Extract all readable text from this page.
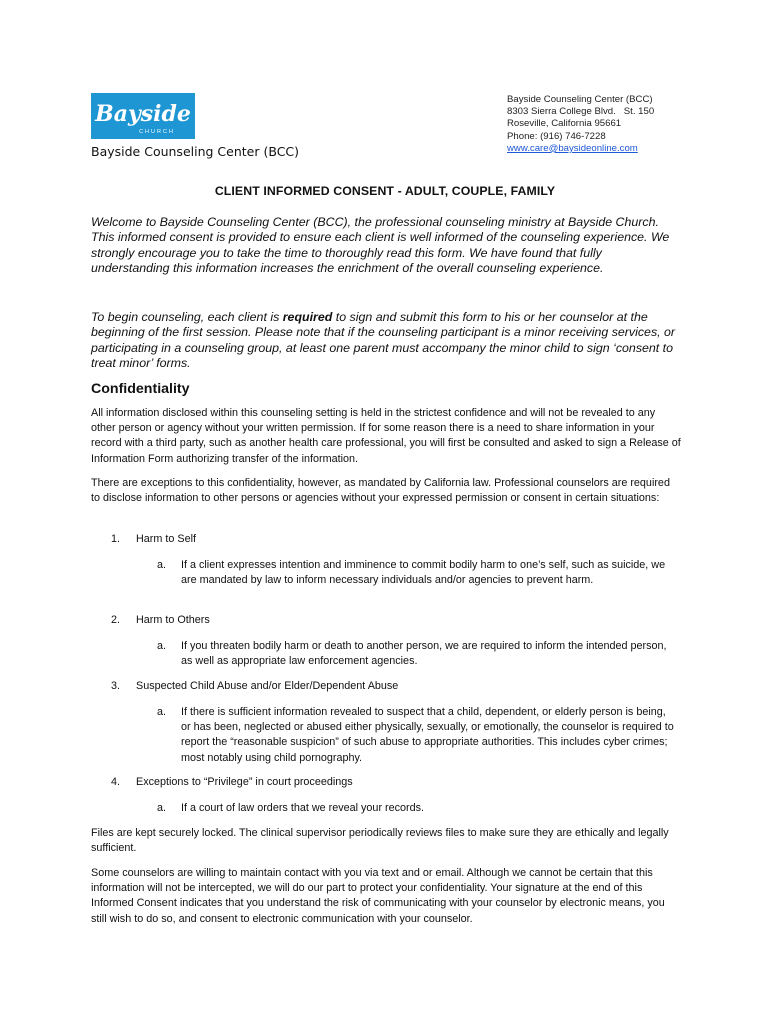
Bayside
CHURCH
Bayside Counseling Center (BCC)
Bayside Counseling Center (BCC)
8303 Sierra College Blvd.   St. 150
Roseville, California 95661
Phone: (916) 746-7228
www.care@baysideonline.com
CLIENT INFORMED CONSENT - ADULT, COUPLE, FAMILY

Welcome to Bayside Counseling Center (BCC), the professional counseling ministry at Bayside Church. This informed consent is provided to ensure each client is well informed of the counseling experience. We strongly encourage you to take the time to thoroughly read this form. We have found that fully understanding this information increases the enrichment of the overall counseling experience.

To begin counseling, each client is required to sign and submit this form to his or her counselor at the beginning of the first session. Please note that if the counseling participant is a minor receiving services, or participating in a counseling group, at least one parent must accompany the minor child to sign ‘consent to treat minor’ forms.

Confidentiality

All information disclosed within this counseling setting is held in the strictest confidence and will not be revealed to any other person or agency without your written permission. If for some reason there is a need to share information in your record with a third party, such as another health care professional, you will first be consulted and asked to sign a Release of Information Form authorizing transfer of the information.

There are exceptions to this confidentiality, however, as mandated by California law. Professional counselors are required to disclose information to other persons or agencies without your expressed permission or consent in certain situations:

1. Harm to Self
a. If a client expresses intention and imminence to commit bodily harm to one’s self, such as suicide, we are mandated by law to inform necessary individuals and/or agencies to prevent harm.
2. Harm to Others
a. If you threaten bodily harm or death to another person, we are required to inform the intended person, as well as appropriate law enforcement agencies.
3. Suspected Child Abuse and/or Elder/Dependent Abuse
a. If there is sufficient information revealed to suspect that a child, dependent, or elderly person is being, or has been, neglected or abused either physically, sexually, or emotionally, the counselor is required to report the “reasonable suspicion” of such abuse to appropriate authorities. This includes cyber crimes; most notably using child pornography.
4. Exceptions to “Privilege” in court proceedings
a. If a court of law orders that we reveal your records.

Files are kept securely locked. The clinical supervisor periodically reviews files to make sure they are ethically and legally sufficient.

Some counselors are willing to maintain contact with you via text and or email. Although we cannot be certain that this information will not be intercepted, we will do our part to protect your confidentiality. Your signature at the end of this Informed Consent indicates that you understand the risk of communicating with your counselor by electronic means, you still wish to do so, and consent to electronic communication with your counselor.
